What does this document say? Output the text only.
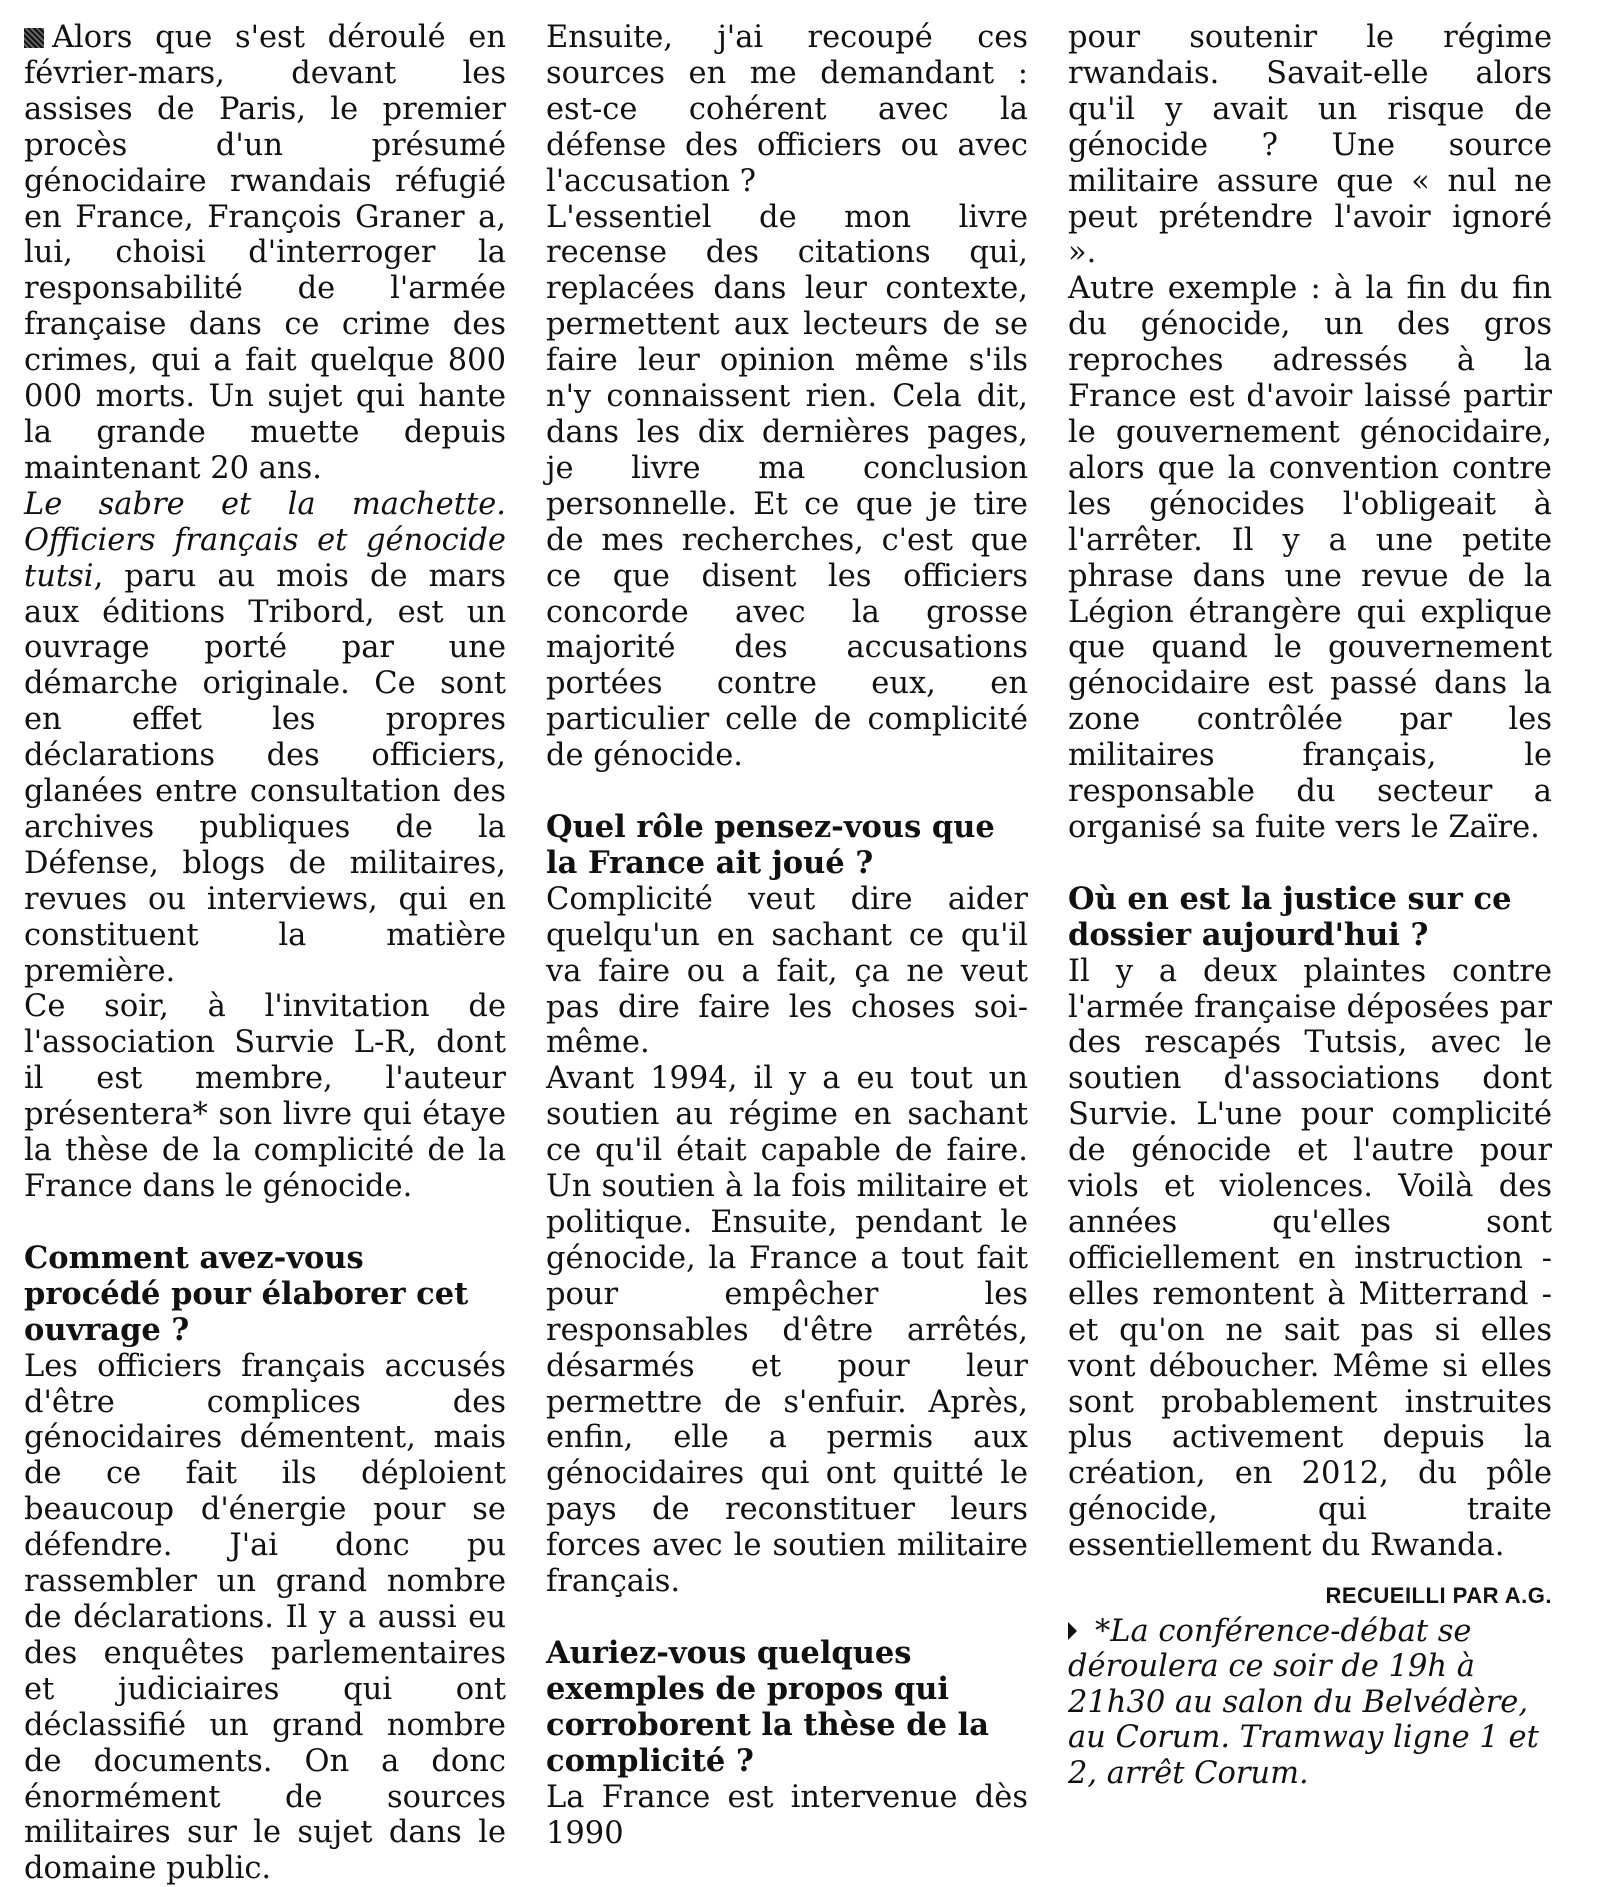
Alors que s'est déroulé en février-mars, devant les assises de Paris, le premier procès d'un présumé génocidaire rwandais réfugié en France, François Graner a, lui, choisi d'interroger la responsabilité de l'armée française dans ce crime des crimes, qui a fait quelque 800 000 morts. Un sujet qui hante la grande muette depuis maintenant 20 ans.

Le sabre et la machette. Officiers français et génocide tutsi, paru au mois de mars aux éditions Tribord, est un ouvrage porté par une démarche originale. Ce sont en effet les propres déclarations des officiers, glanées entre consultation des archives publiques de la Défense, blogs de militaires, revues ou interviews, qui en constituent la matière première.

Ce soir, à l'invitation de l'association Survie L-R, dont il est membre, l'auteur présentera* son livre qui étaye la thèse de la complicité de la France dans le génocide.

Comment avez-vous procédé pour élaborer cet ouvrage ?

Les officiers français accusés d'être complices des génocidaires démentent, mais de ce fait ils déploient beaucoup d'énergie pour se défendre. J'ai donc pu rassembler un grand nombre de déclarations. Il y a aussi eu des enquêtes parlementaires et judiciaires qui ont déclassifié un grand nombre de documents. On a donc énormément de sources militaires sur le sujet dans le domaine public.

Ensuite, j'ai recoupé ces sources en me demandant : est-ce cohérent avec la défense des officiers ou avec l'accusation ?

L'essentiel de mon livre recense des citations qui, replacées dans leur contexte, permettent aux lecteurs de se faire leur opinion même s'ils n'y connaissent rien. Cela dit, dans les dix dernières pages, je livre ma conclusion personnelle. Et ce que je tire de mes recherches, c'est que ce que disent les officiers concorde avec la grosse majorité des accusations portées contre eux, en particulier celle de complicité de génocide.

Quel rôle pensez-vous que la France ait joué ?

Complicité veut dire aider quelqu'un en sachant ce qu'il va faire ou a fait, ça ne veut pas dire faire les choses soi-même.

Avant 1994, il y a eu tout un soutien au régime en sachant ce qu'il était capable de faire. Un soutien à la fois militaire et politique. Ensuite, pendant le génocide, la France a tout fait pour empêcher les responsables d'être arrêtés, désarmés et pour leur permettre de s'enfuir. Après, enfin, elle a permis aux génocidaires qui ont quitté le pays de reconstituer leurs forces avec le soutien militaire français.

Auriez-vous quelques exemples de propos qui corroborent la thèse de la complicité ?

La France est intervenue dès 1990

pour soutenir le régime rwandais. Savait-elle alors qu'il y avait un risque de génocide ? Une source militaire assure que « nul ne peut prétendre l'avoir ignoré ».

Autre exemple : à la fin du fin du génocide, un des gros reproches adressés à la France est d'avoir laissé partir le gouvernement génocidaire, alors que la convention contre les génocides l'obligeait à l'arrêter. Il y a une petite phrase dans une revue de la Légion étrangère qui explique que quand le gouvernement génocidaire est passé dans la zone contrôlée par les militaires français, le responsable du secteur a organisé sa fuite vers le Zaïre.

Où en est la justice sur ce dossier aujourd'hui ?

Il y a deux plaintes contre l'armée française déposées par des rescapés Tutsis, avec le soutien d'associations dont Survie. L'une pour complicité de génocide et l'autre pour viols et violences. Voilà des années qu'elles sont officiellement en instruction - elles remontent à Mitterrand - et qu'on ne sait pas si elles vont déboucher. Même si elles sont probablement instruites plus activement depuis la création, en 2012, du pôle génocide, qui traite essentiellement du Rwanda.

RECUEILLI PAR A.G.

*La conférence-débat se déroulera ce soir de 19h à 21h30 au salon du Belvédère, au Corum. Tramway ligne 1 et 2, arrêt Corum.
